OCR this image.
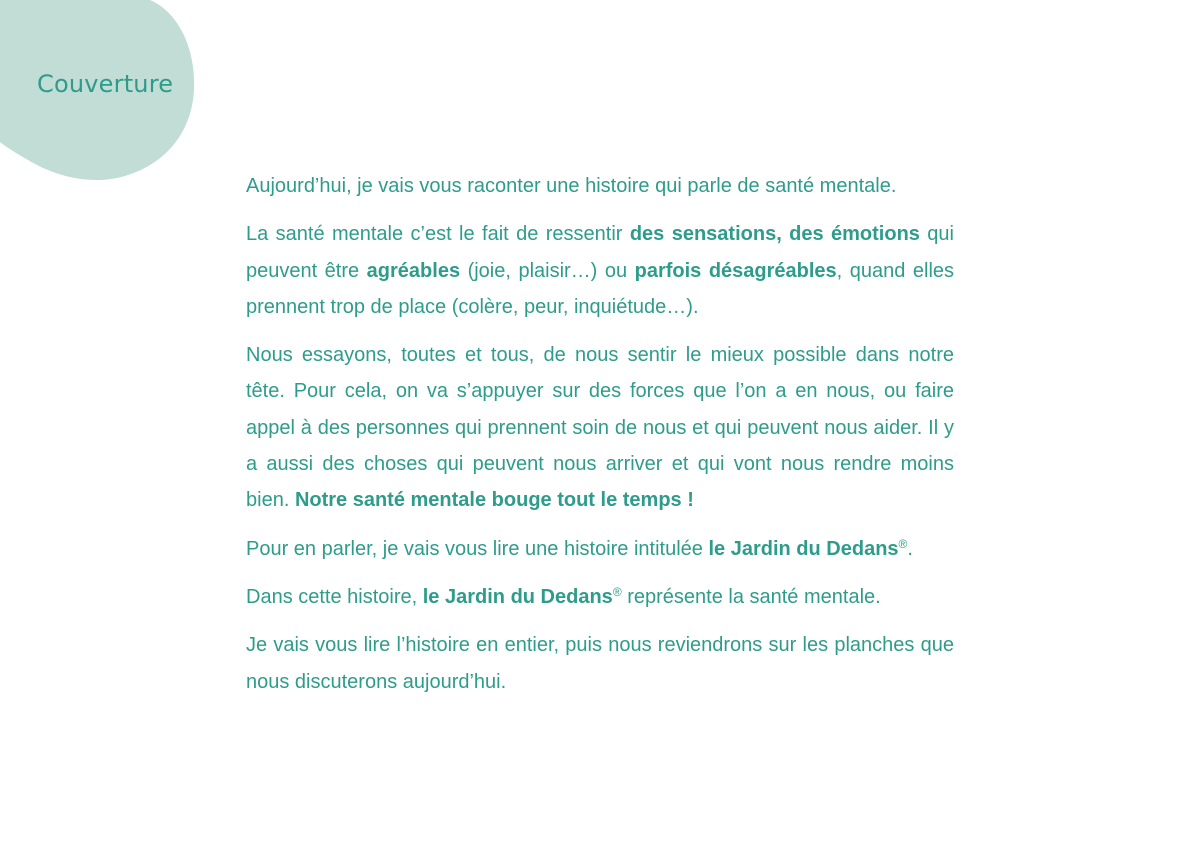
Couverture

Aujourd’hui, je vais vous raconter une histoire qui parle de santé mentale.

La santé mentale c’est le fait de ressentir des sensations, des émotions qui peuvent être agréables (joie, plaisir…) ou parfois désagréables, quand elles prennent trop de place (colère, peur, inquiétude…).

Nous essayons, toutes et tous, de nous sentir le mieux possible dans notre tête. Pour cela, on va s’appuyer sur des forces que l’on a en nous, ou faire appel à des personnes qui prennent soin de nous et qui peuvent nous aider. Il y a aussi des choses qui peuvent nous arriver et qui vont nous rendre moins bien. Notre santé mentale bouge tout le temps !

Pour en parler, je vais vous lire une histoire intitulée le Jardin du Dedans®.

Dans cette histoire, le Jardin du Dedans® représente la santé mentale.

Je vais vous lire l’histoire en entier, puis nous reviendrons sur les planches que nous discuterons aujourd’hui.
